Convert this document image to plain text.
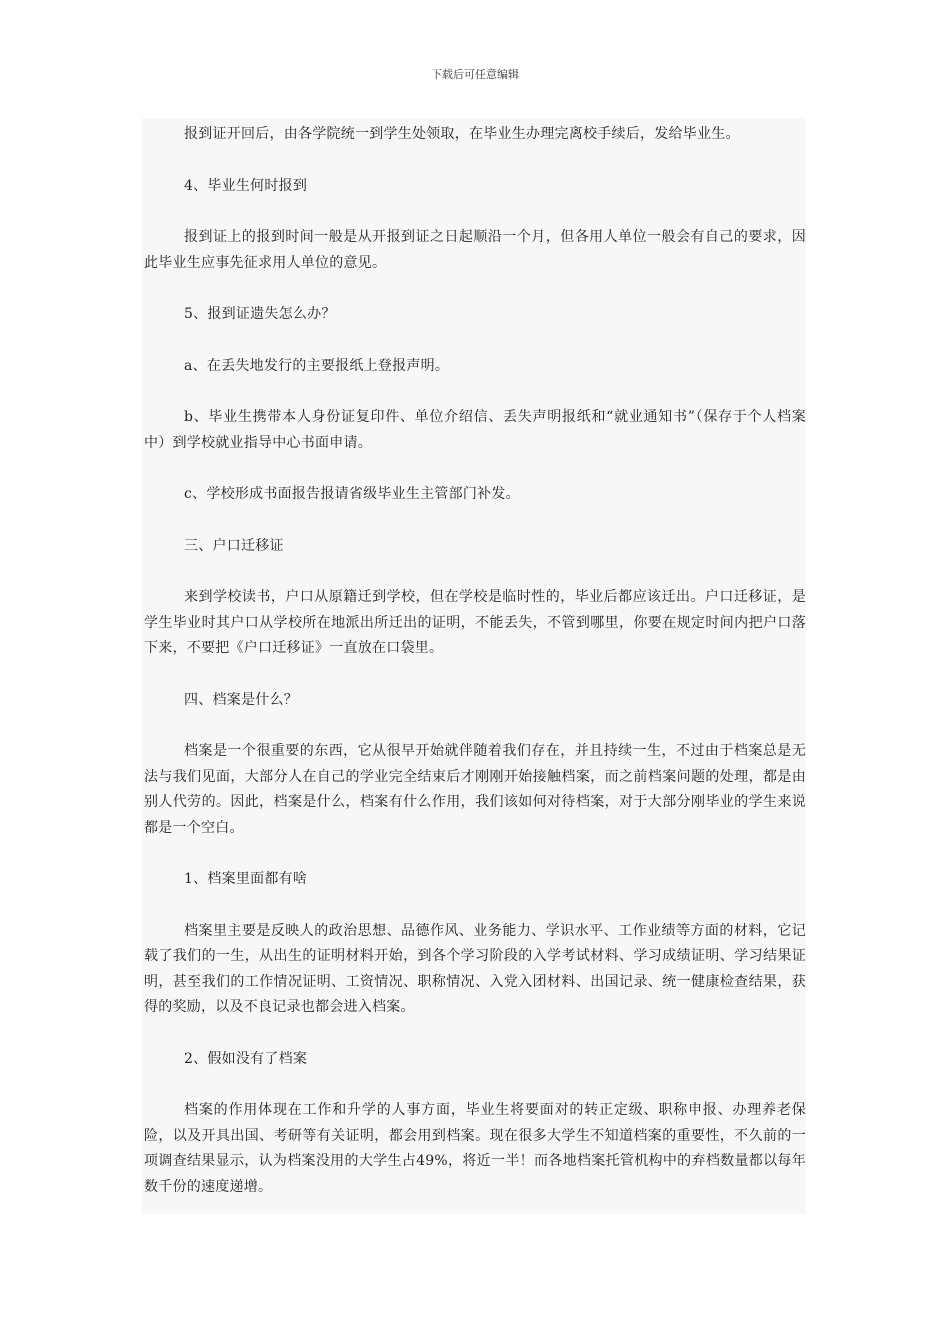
下载后可任意编辑

报到证开回后，由各学院统一到学生处领取，在毕业生办理完离校手续后，发给毕业生。

4、毕业生何时报到

报到证上的报到时间一般是从开报到证之日起顺沿一个月，但各用人单位一般会有自己的要求，因此毕业生应事先征求用人单位的意见。

5、报到证遗失怎么办？

a、在丢失地发行的主要报纸上登报声明。

b、毕业生携带本人身份证复印件、单位介绍信、丢失声明报纸和“就业通知书”（保存于个人档案中）到学校就业指导中心书面申请。

c、学校形成书面报告报请省级毕业生主管部门补发。

三、户口迁移证

来到学校读书，户口从原籍迁到学校，但在学校是临时性的，毕业后都应该迁出。户口迁移证，是学生毕业时其户口从学校所在地派出所迁出的证明，不能丢失，不管到哪里，你要在规定时间内把户口落下来，不要把《户口迁移证》一直放在口袋里。

四、档案是什么？

档案是一个很重要的东西，它从很早开始就伴随着我们存在，并且持续一生，不过由于档案总是无法与我们见面，大部分人在自己的学业完全结束后才刚刚开始接触档案，而之前档案问题的处理，都是由别人代劳的。因此，档案是什么，档案有什么作用，我们该如何对待档案，对于大部分刚毕业的学生来说都是一个空白。

1、档案里面都有啥

档案里主要是反映人的政治思想、品德作风、业务能力、学识水平、工作业绩等方面的材料，它记载了我们的一生，从出生的证明材料开始，到各个学习阶段的入学考试材料、学习成绩证明、学习结果证明，甚至我们的工作情况证明、工资情况、职称情况、入党入团材料、出国记录、统一健康检查结果，获得的奖励，以及不良记录也都会进入档案。

2、假如没有了档案

档案的作用体现在工作和升学的人事方面，毕业生将要面对的转正定级、职称申报、办理养老保险，以及开具出国、考研等有关证明，都会用到档案。现在很多大学生不知道档案的重要性，不久前的一项调查结果显示，认为档案没用的大学生占49%，将近一半！而各地档案托管机构中的弃档数量都以每年数千份的速度递增。
